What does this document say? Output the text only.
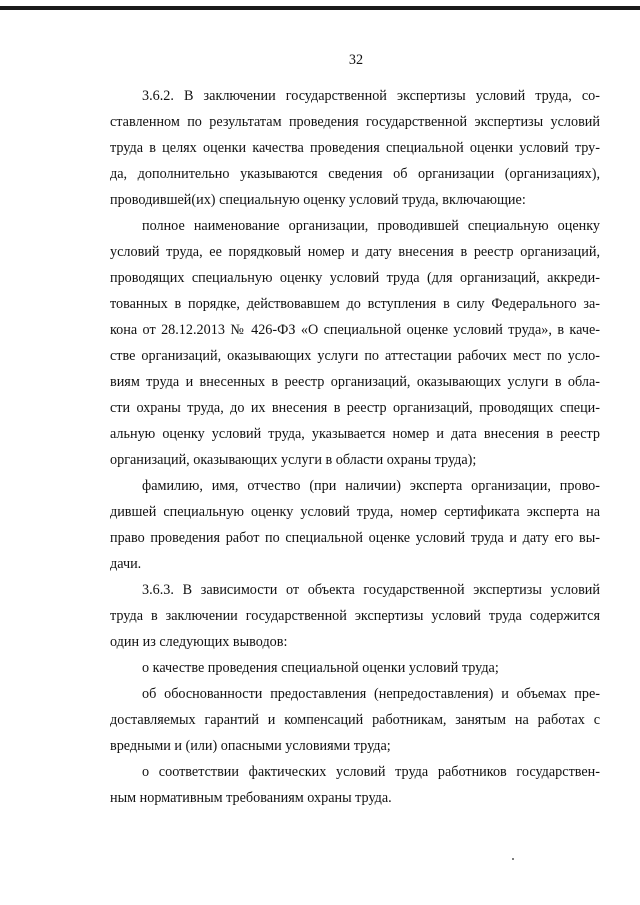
32
3.6.2. В заключении государственной экспертизы условий труда, со-
ставленном по результатам проведения государственной экспертизы условий
труда в целях оценки качества проведения специальной оценки условий тру-
да, дополнительно указываются сведения об организации (организациях),
проводившей(их) специальную оценку условий труда, включающие:
полное наименование организации, проводившей специальную оценку
условий труда, ее порядковый номер и дату внесения в реестр организаций,
проводящих специальную оценку условий труда (для организаций, аккреди-
тованных в порядке, действовавшем до вступления в силу Федерального за-
кона от 28.12.2013 № 426-ФЗ «О специальной оценке условий труда», в каче-
стве организаций, оказывающих услуги по аттестации рабочих мест по усло-
виям труда и внесенных в реестр организаций, оказывающих услуги в обла-
сти охраны труда, до их внесения в реестр организаций, проводящих специ-
альную оценку условий труда, указывается номер и дата внесения в реестр
организаций, оказывающих услуги в области охраны труда);
фамилию, имя, отчество (при наличии) эксперта организации, прово-
дившей специальную оценку условий труда, номер сертификата эксперта на
право проведения работ по специальной оценке условий труда и дату его вы-
дачи.
3.6.3. В зависимости от объекта государственной экспертизы условий
труда в заключении государственной экспертизы условий труда содержится
один из следующих выводов:
о качестве проведения специальной оценки условий труда;
об обоснованности предоставления (непредоставления) и объемах пре-
доставляемых гарантий и компенсаций работникам, занятым на работах с
вредными и (или) опасными условиями труда;
о соответствии фактических условий труда работников государствен-
ным нормативным требованиям охраны труда.
